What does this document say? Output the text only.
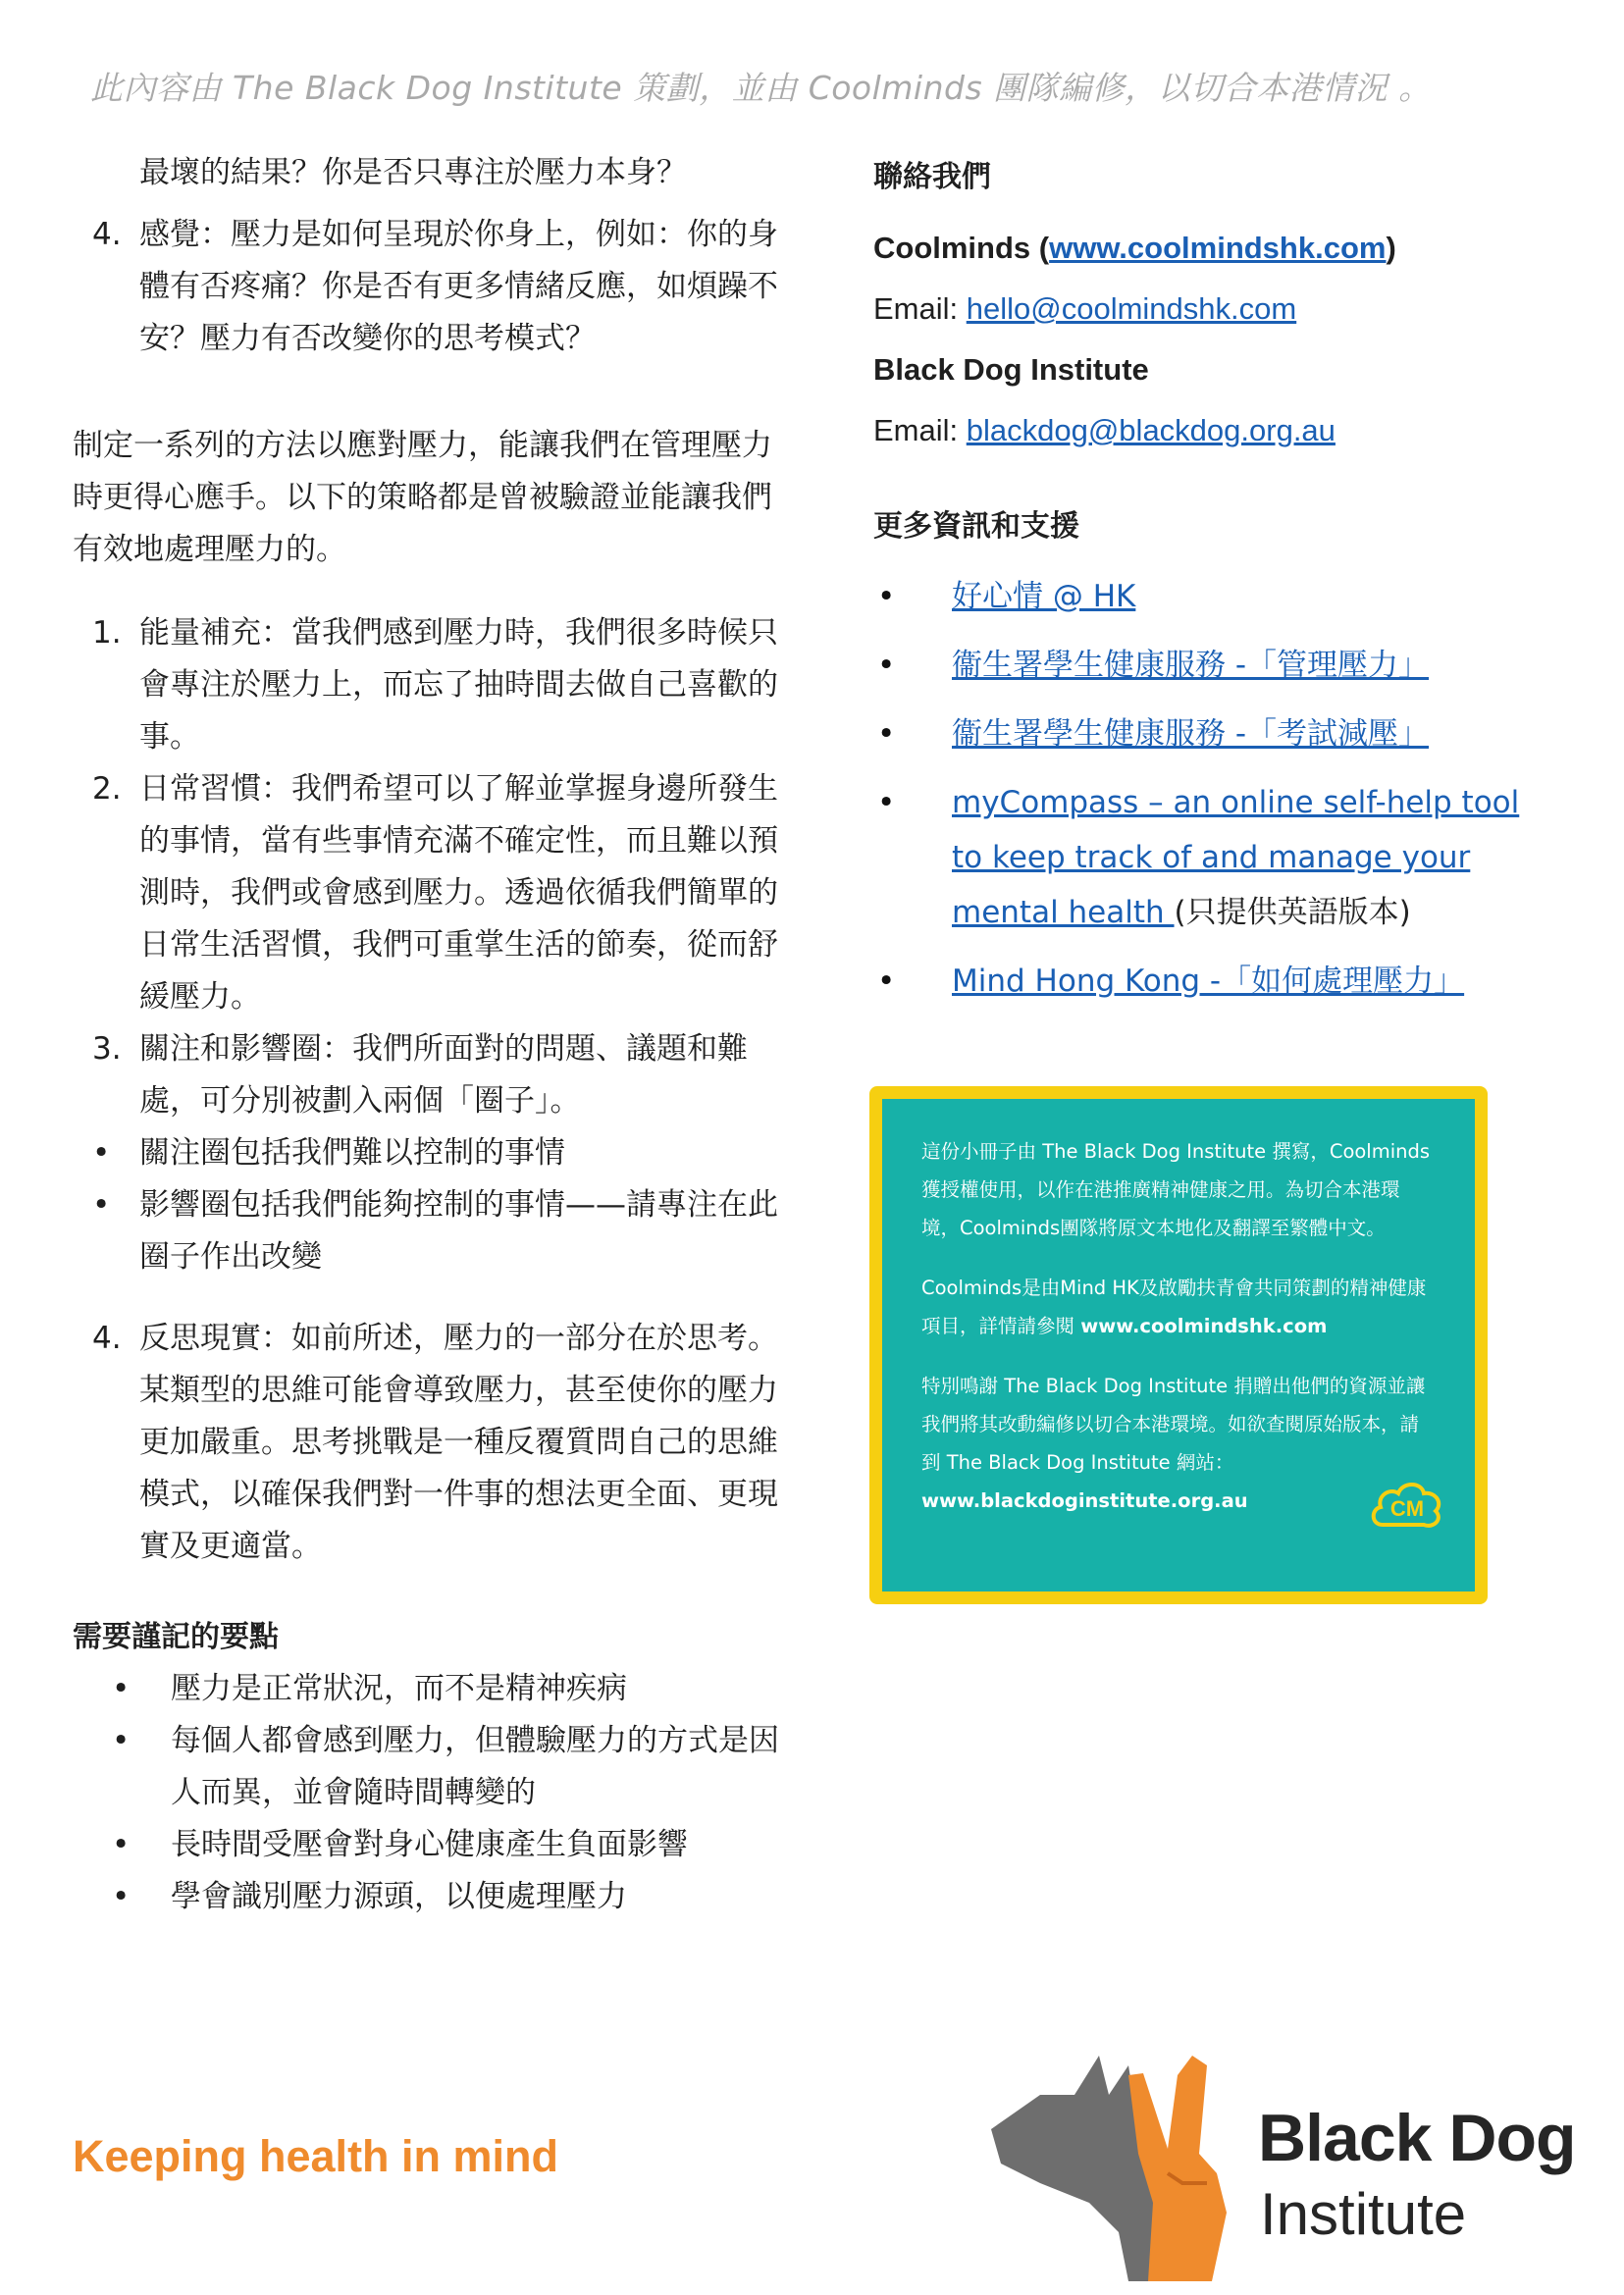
此內容由 The Black Dog Institute 策劃，並由 Coolminds 團隊編修，以切合本港情況 。

最壞的結果？你是否只專注於壓力本身？

4. 感覺：壓力是如何呈現於你身上，例如：你的身體有否疼痛？你是否有更多情緒反應，如煩躁不安？壓力有否改變你的思考模式？

制定一系列的方法以應對壓力，能讓我們在管理壓力時更得心應手。以下的策略都是曾被驗證並能讓我們有效地處理壓力的。

1. 能量補充：當我們感到壓力時，我們很多時候只會專注於壓力上，而忘了抽時間去做自己喜歡的事。
2. 日常習慣：我們希望可以了解並掌握身邊所發生的事情，當有些事情充滿不確定性，而且難以預測時，我們或會感到壓力。透過依循我們簡單的日常生活習慣，我們可重掌生活的節奏，從而舒緩壓力。
3. 關注和影響圈：我們所面對的問題、議題和難處，可分別被劃入兩個「圈子」。
• 關注圈包括我們難以控制的事情
• 影響圈包括我們能夠控制的事情——請專注在此圈子作出改變
4. 反思現實：如前所述，壓力的一部分在於思考。某類型的思維可能會導致壓力，甚至使你的壓力更加嚴重。思考挑戰是一種反覆質問自己的思維模式，以確保我們對一件事的想法更全面、更現實及更適當。
需要謹記的要點
• 壓力是正常狀況，而不是精神疾病
• 每個人都會感到壓力，但體驗壓力的方式是因人而異，並會隨時間轉變的
• 長時間受壓會對身心健康產生負面影響
• 學會識別壓力源頭，以便處理壓力
聯絡我們

Coolminds (www.coolmindshk.com)

Email: hello@coolmindshk.com

Black Dog Institute

Email: blackdog@blackdog.org.au

更多資訊和支援
• 好心情 @ HK
• 衞生署學生健康服務 -「管理壓力」
• 衞生署學生健康服務 -「考試減壓」
• myCompass – an online self-help tool to keep track of and manage your mental health (只提供英語版本)
• Mind Hong Kong -「如何處理壓力」

這份小冊子由 The Black Dog Institute 撰寫，Coolminds獲授權使用，以作在港推廣精神健康之用。為切合本港環境，Coolminds團隊將原文本地化及翻譯至繁體中文。

Coolminds是由Mind HK及啟勵扶青會共同策劃的精神健康項目，詳情請參閱 www.coolmindshk.com

特別鳴謝 The Black Dog Institute 捐贈出他們的資源並讓我們將其改動編修以切合本港環境。如欲查閱原始版本，請到 The Black Dog Institute 網站：
www.blackdoginstitute.org.au	CM
Keeping health in mind	Black Dog
Institute
